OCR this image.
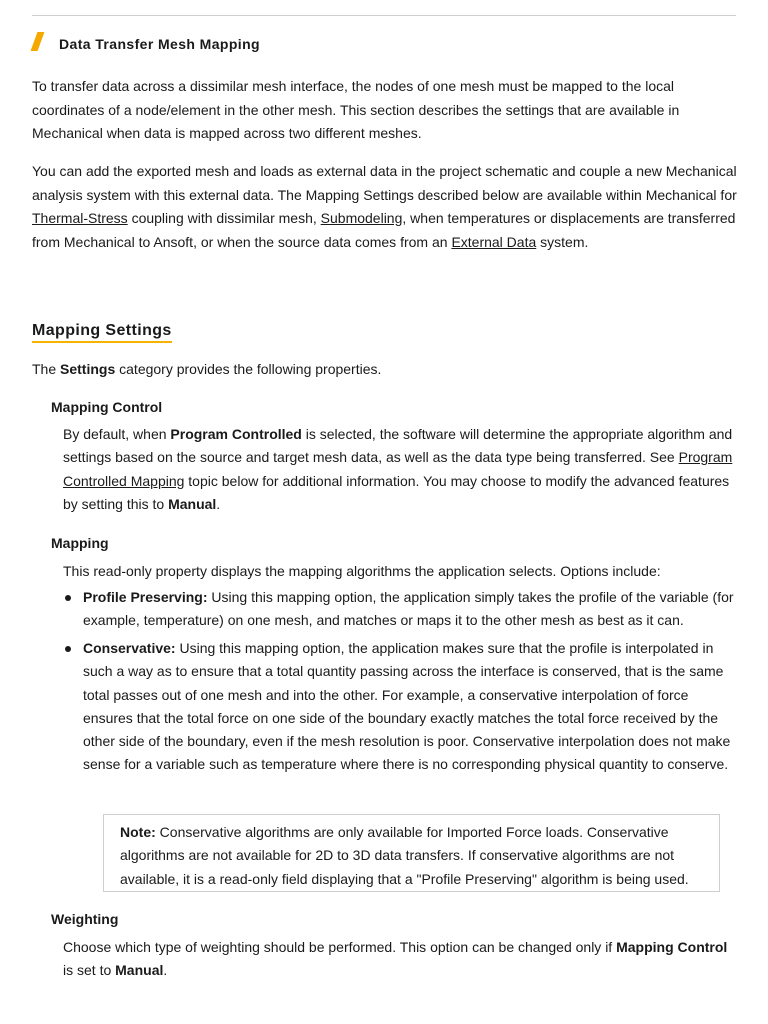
Data Transfer Mesh Mapping

To transfer data across a dissimilar mesh interface, the nodes of one mesh must be mapped to the local coordinates of a node/element in the other mesh. This section describes the settings that are available in Mechanical when data is mapped across two different meshes.

You can add the exported mesh and loads as external data in the project schematic and couple a new Mechanical analysis system with this external data. The Mapping Settings described below are available within Mechanical for Thermal-Stress coupling with dissimilar mesh, Submodeling, when temperatures or displacements are transferred from Mechanical to Ansoft, or when the source data comes from an External Data system.

Mapping Settings
The Settings category provides the following properties.
Mapping Control

By default, when Program Controlled is selected, the software will determine the appropriate algorithm and settings based on the source and target mesh data, as well as the data type being transferred. See Program Controlled Mapping topic below for additional information. You may choose to modify the advanced features by setting this to Manual.

Mapping
This read-only property displays the mapping algorithms the application selects. Options include:

Profile Preserving: Using this mapping option, the application simply takes the profile of the variable (for example, temperature) on one mesh, and matches or maps it to the other mesh as best as it can.

Conservative: Using this mapping option, the application makes sure that the profile is interpolated in such a way as to ensure that a total quantity passing across the interface is conserved, that is the same total passes out of one mesh and into the other. For example, a conservative interpolation of force ensures that the total force on one side of the boundary exactly matches the total force received by the other side of the boundary, even if the mesh resolution is poor. Conservative interpolation does not make sense for a variable such as temperature where there is no corresponding physical quantity to conserve.

Note: Conservative algorithms are only available for Imported Force loads. Conservative algorithms are not available for 2D to 3D data transfers. If conservative algorithms are not available, it is a read-only field displaying that a "Profile Preserving" algorithm is being used.
Weighting

Choose which type of weighting should be performed. This option can be changed only if Mapping Control is set to Manual.
